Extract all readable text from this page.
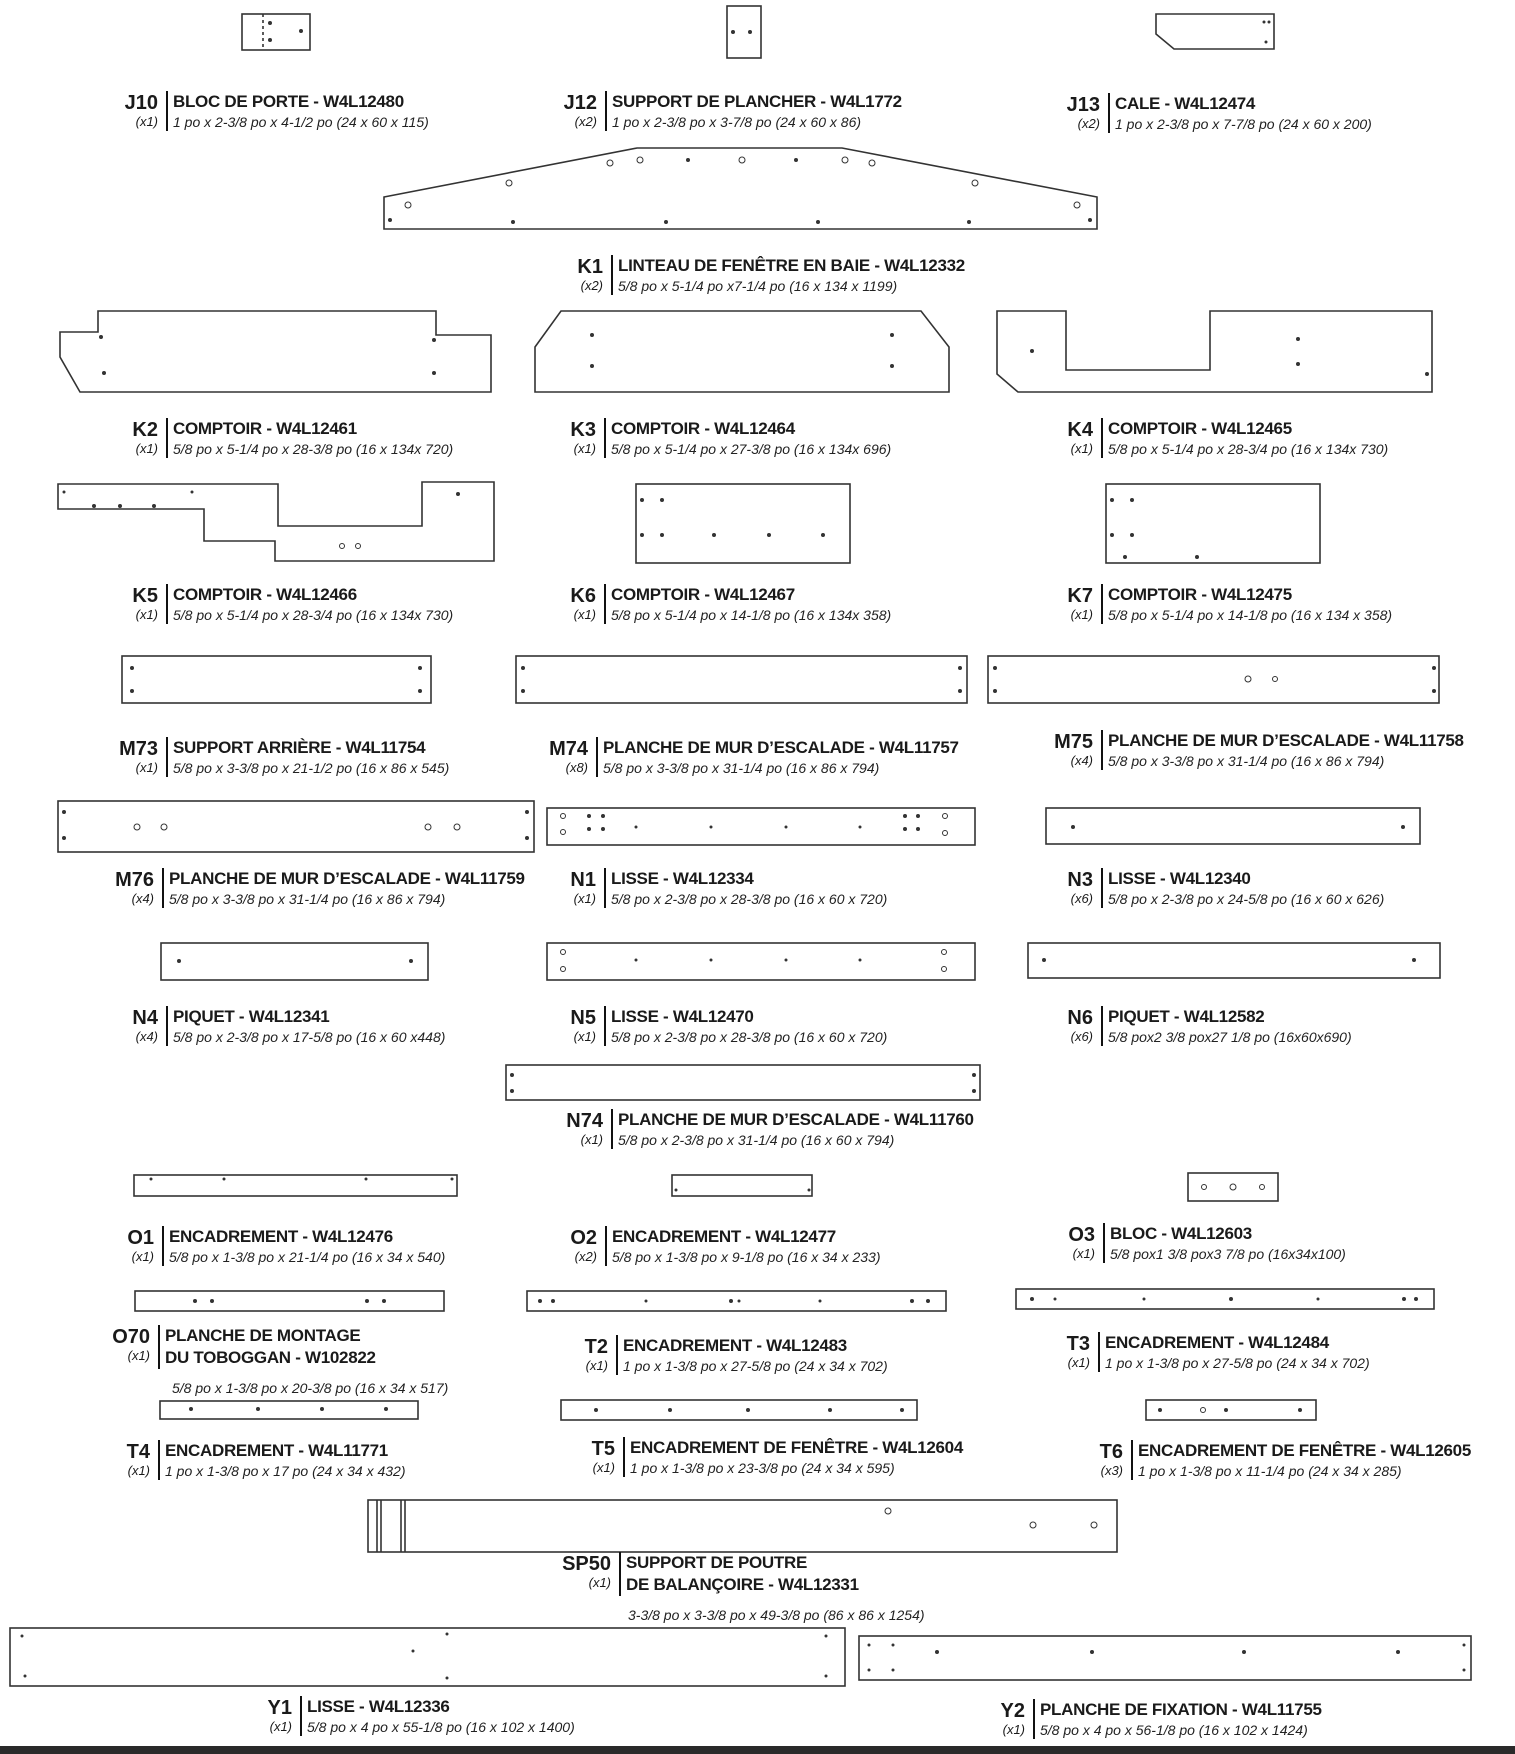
J10
(x1)
BLOC DE PORTE - W4L12480
1 po x 2-3/8 po x 4-1/2 po (24 x 60 x 115)
J12
(x2)
SUPPORT DE PLANCHER - W4L1772
1 po x 2-3/8 po x 3-7/8 po (24 x 60 x 86)
J13
(x2)
CALE - W4L12474
1 po x 2-3/8 po x 7-7/8 po (24 x 60 x 200)
K1
(x2)
LINTEAU DE FENÊTRE EN BAIE - W4L12332
5/8 po x 5-1/4 po x7-1/4 po (16 x 134 x 1199)
K2
(x1)
COMPTOIR - W4L12461
5/8 po x 5-1/4 po x 28-3/8 po (16 x 134x 720)
K3
(x1)
COMPTOIR - W4L12464
5/8 po x 5-1/4 po x 27-3/8 po (16 x 134x 696)
K4
(x1)
COMPTOIR - W4L12465
5/8 po x 5-1/4 po x 28-3/4 po (16 x 134x 730)
K5
(x1)
COMPTOIR - W4L12466
5/8 po x 5-1/4 po x 28-3/4 po (16 x 134x 730)
K6
(x1)
COMPTOIR - W4L12467
5/8 po x 5-1/4 po x 14-1/8 po (16 x 134x 358)
K7
(x1)
COMPTOIR - W4L12475
5/8 po x 5-1/4 po x 14-1/8 po (16 x 134 x 358)
M73
(x1)
SUPPORT ARRIÈRE - W4L11754
5/8 po x 3-3/8 po x 21-1/2 po (16 x 86 x 545)
M74
(x8)
PLANCHE DE MUR D’ESCALADE - W4L11757
5/8 po x 3-3/8 po x 31-1/4 po (16 x 86 x 794)
M75
(x4)
PLANCHE DE MUR D’ESCALADE - W4L11758
5/8 po x 3-3/8 po x 31-1/4 po (16 x 86 x 794)
M76
(x4)
PLANCHE DE MUR D’ESCALADE - W4L11759
5/8 po x 3-3/8 po x 31-1/4 po (16 x 86 x 794)
N1
(x1)
LISSE - W4L12334
5/8 po x 2-3/8 po x 28-3/8 po (16 x 60 x 720)
N3
(x6)
LISSE - W4L12340
5/8 po x 2-3/8 po x 24-5/8 po (16 x 60 x 626)
N4
(x4)
PIQUET - W4L12341
5/8 po x 2-3/8 po x 17-5/8 po (16 x 60 x448)
N5
(x1)
LISSE - W4L12470
5/8 po x 2-3/8 po x 28-3/8 po (16 x 60 x 720)
N6
(x6)
PIQUET - W4L12582
5/8 pox2 3/8 pox27 1/8 po (16x60x690)
N74
(x1)
PLANCHE DE MUR D’ESCALADE - W4L11760
5/8 po x 2-3/8 po x 31-1/4 po (16 x 60 x 794)
O1
(x1)
ENCADREMENT - W4L12476
5/8 po x 1-3/8 po x 21-1/4 po (16 x 34 x 540)
O2
(x2)
ENCADREMENT - W4L12477
5/8 po x 1-3/8 po x 9-1/8 po (16 x 34 x 233)
O3
(x1)
BLOC - W4L12603
5/8 pox1 3/8 pox3 7/8 po (16x34x100)
O70
(x1)
PLANCHE DE MONTAGE
DU TOBOGGAN - W102822
5/8 po x 1-3/8 po x 20-3/8 po (16 x 34 x 517)
T2
(x1)
ENCADREMENT - W4L12483
1 po x 1-3/8 po x 27-5/8 po (24 x 34 x 702)
T3
(x1)
ENCADREMENT - W4L12484
1 po x 1-3/8 po x 27-5/8 po (24 x 34 x 702)
T4
(x1)
ENCADREMENT - W4L11771
1 po x 1-3/8 po x 17 po (24 x 34 x 432)
T5
(x1)
ENCADREMENT DE FENÊTRE - W4L12604
1 po x 1-3/8 po x 23-3/8 po (24 x 34 x 595)
T6
(x3)
ENCADREMENT DE FENÊTRE - W4L12605
1 po x 1-3/8 po x 11-1/4 po (24 x 34 x 285)
SP50
(x1)
SUPPORT DE POUTRE
DE BALANÇOIRE - W4L12331
3-3/8 po x 3-3/8 po x 49-3/8 po (86 x 86 x 1254)
Y1
(x1)
LISSE - W4L12336
5/8 po x 4 po x 55-1/8 po (16 x 102 x 1400)
Y2
(x1)
PLANCHE DE FIXATION - W4L11755
5/8 po x 4 po x 56-1/8 po (16 x 102 x 1424)
